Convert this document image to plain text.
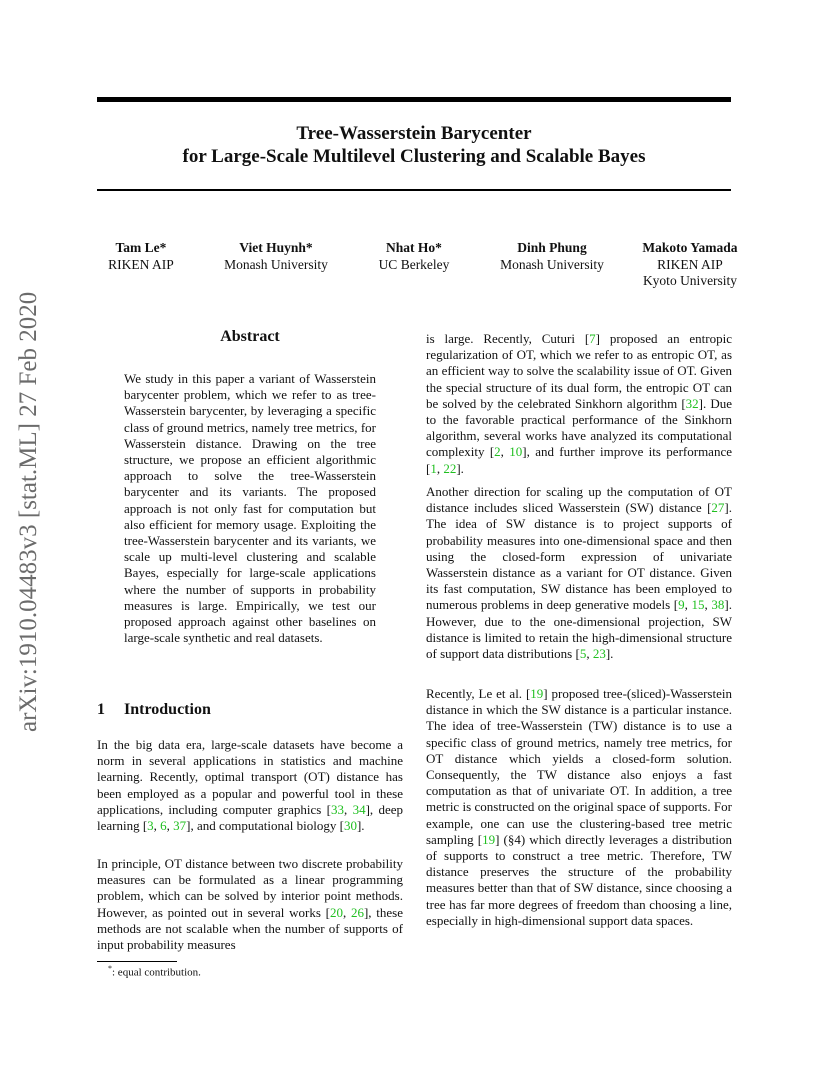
arXiv:1910.04483v3 [stat.ML] 27 Feb 2020
Tree-Wasserstein Barycenter
for Large-Scale Multilevel Clustering and Scalable Bayes
Tam Le*
RIKEN AIP
Viet Huynh*
Monash University
Nhat Ho*
UC Berkeley
Dinh Phung
Monash University
Makoto Yamada
RIKEN AIP
Kyoto University
Abstract
We study in this paper a variant of Wasserstein barycenter problem, which we refer to as tree-Wasserstein barycenter, by leveraging a specific class of ground metrics, namely tree metrics, for Wasserstein distance. Drawing on the tree structure, we propose an efficient algorithmic approach to solve the tree-Wasserstein barycenter and its variants. The proposed approach is not only fast for computation but also efficient for memory usage. Exploiting the tree-Wasserstein barycenter and its variants, we scale up multi-level clustering and scalable Bayes, especially for large-scale applications where the number of supports in probability measures is large. Empirically, we test our proposed approach against other baselines on large-scale synthetic and real datasets.
1 Introduction
In the big data era, large-scale datasets have become a norm in several applications in statistics and machine learning. Recently, optimal transport (OT) distance has been employed as a popular and powerful tool in these applications, including computer graphics [33, 34], deep learning [3, 6, 37], and computational biology [30].
In principle, OT distance between two discrete probability measures can be formulated as a linear programming problem, which can be solved by interior point methods. However, as pointed out in several works [20, 26], these methods are not scalable when the number of supports of input probability measures
is large. Recently, Cuturi [7] proposed an entropic regularization of OT, which we refer to as entropic OT, as an efficient way to solve the scalability issue of OT. Given the special structure of its dual form, the entropic OT can be solved by the celebrated Sinkhorn algorithm [32]. Due to the favorable practical performance of the Sinkhorn algorithm, several works have analyzed its computational complexity [2, 10], and further improve its performance [1, 22].
Another direction for scaling up the computation of OT distance includes sliced Wasserstein (SW) distance [27]. The idea of SW distance is to project supports of probability measures into one-dimensional space and then using the closed-form expression of univariate Wasserstein distance as a variant for OT distance. Given its fast computation, SW distance has been employed to numerous problems in deep generative models [9, 15, 38]. However, due to the one-dimensional projection, SW distance is limited to retain the high-dimensional structure of support data distributions [5, 23].
Recently, Le et al. [19] proposed tree-(sliced)-Wasserstein distance in which the SW distance is a particular instance. The idea of tree-Wasserstein (TW) distance is to use a specific class of ground metrics, namely tree metrics, for OT distance which yields a closed-form solution. Consequently, the TW distance also enjoys a fast computation as that of univariate OT. In addition, a tree metric is constructed on the original space of supports. For example, one can use the clustering-based tree metric sampling [19] (§4) which directly leverages a distribution of supports to construct a tree metric. Therefore, TW distance preserves the structure of the probability measures better than that of SW distance, since choosing a tree has far more degrees of freedom than choosing a line, especially in high-dimensional support data spaces.
*: equal contribution.
